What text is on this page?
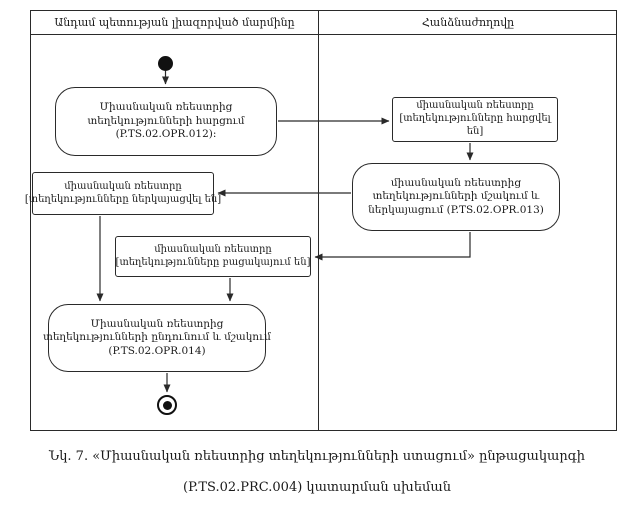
Անդամ պետության լիազորված մարմինը	Հանձնաժողովը
Միասնական ռեեստրից
տեղեկությունների հարցում
(P.TS.02.OPR.012)։
միասնական ռեեստրը
[տեղեկությունները հարցվել
են]
միասնական ռեեստրից
տեղեկությունների մշակում և
ներկայացում (P.TS.02.OPR.013)
միասնական ռեեստրը
[տեղեկությունները ներկայացվել են]
միասնական ռեեստրը
[տեղեկությունները բացակայում են]
Միասնական ռեեստրից
տեղեկությունների ընդունում և մշակում
(P.TS.02.OPR.014)
Նկ. 7. «Միասնական ռեեստրից տեղեկությունների ստացում» ընթացակարգի
(P.TS.02.PRC.004) կատարման սխեման
